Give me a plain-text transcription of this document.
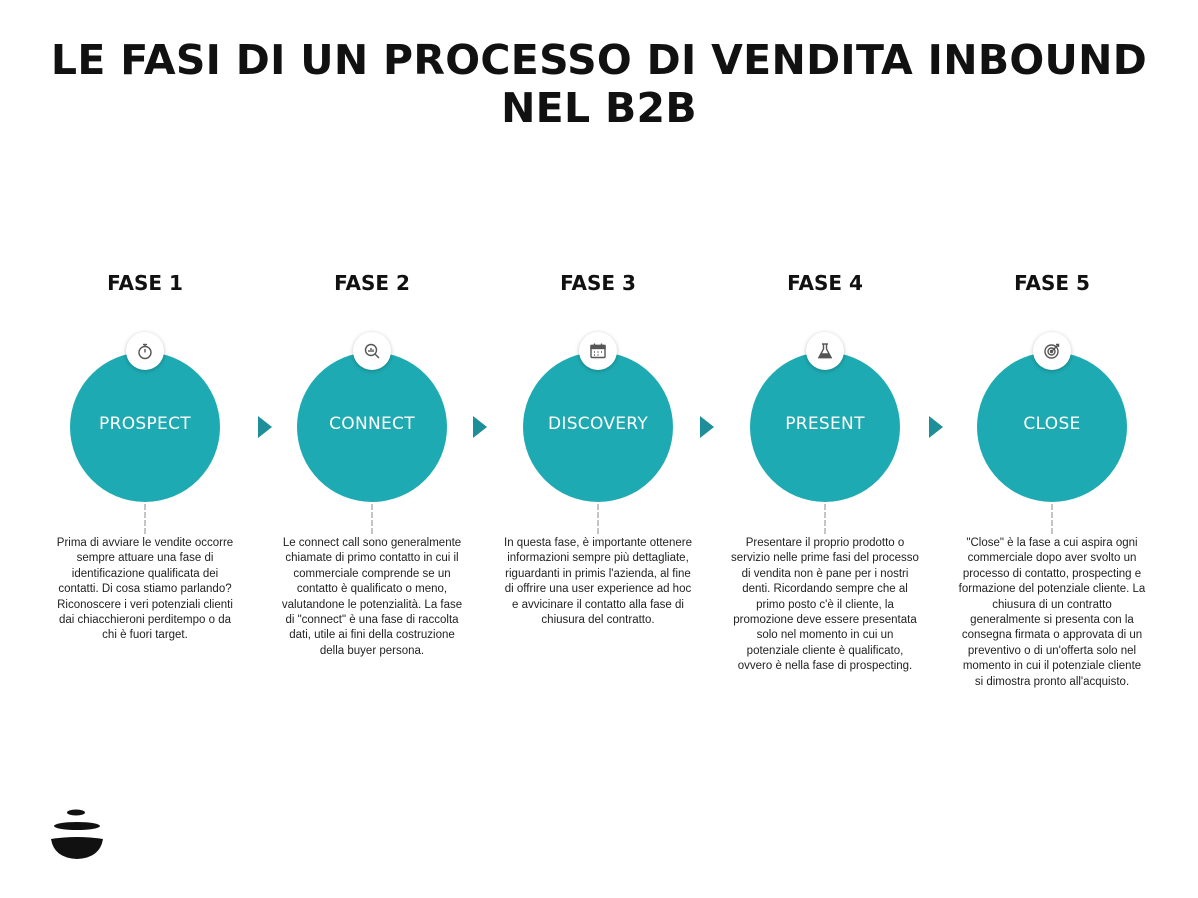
LE FASI DI UN PROCESSO DI VENDITA INBOUND NEL B2B
FASE 1
PROSPECT
Prima di avviare le vendite occorre sempre attuare una fase di identificazione qualificata dei contatti. Di cosa stiamo parlando? Riconoscere i veri potenziali clienti dai chiacchieroni perditempo o da chi è fuori target.
FASE 2
CONNECT
Le connect call sono generalmente chiamate di primo contatto in cui il commerciale comprende se un contatto è qualificato o meno, valutandone le potenzialità. La fase di "connect" è una fase di raccolta dati, utile ai fini della costruzione della buyer persona.
FASE 3
DISCOVERY
In questa fase, è importante ottenere informazioni sempre più dettagliate, riguardanti in primis l'azienda, al fine di offrire una user experience ad hoc e avvicinare il contatto alla fase di chiusura del contratto.
FASE 4
PRESENT
Presentare il proprio prodotto o servizio nelle prime fasi del processo di vendita non è pane per i nostri denti. Ricordando sempre che al primo posto c'è il cliente, la promozione deve essere presentata solo nel momento in cui un potenziale cliente è qualificato, ovvero è nella fase di prospecting.
FASE 5
CLOSE
"Close" è la fase a cui aspira ogni commerciale dopo aver svolto un processo di contatto, prospecting e formazione del potenziale cliente. La chiusura di un contratto generalmente si presenta con la consegna firmata o approvata di un preventivo o di un'offerta solo nel momento in cui il potenziale cliente si dimostra pronto all'acquisto.
